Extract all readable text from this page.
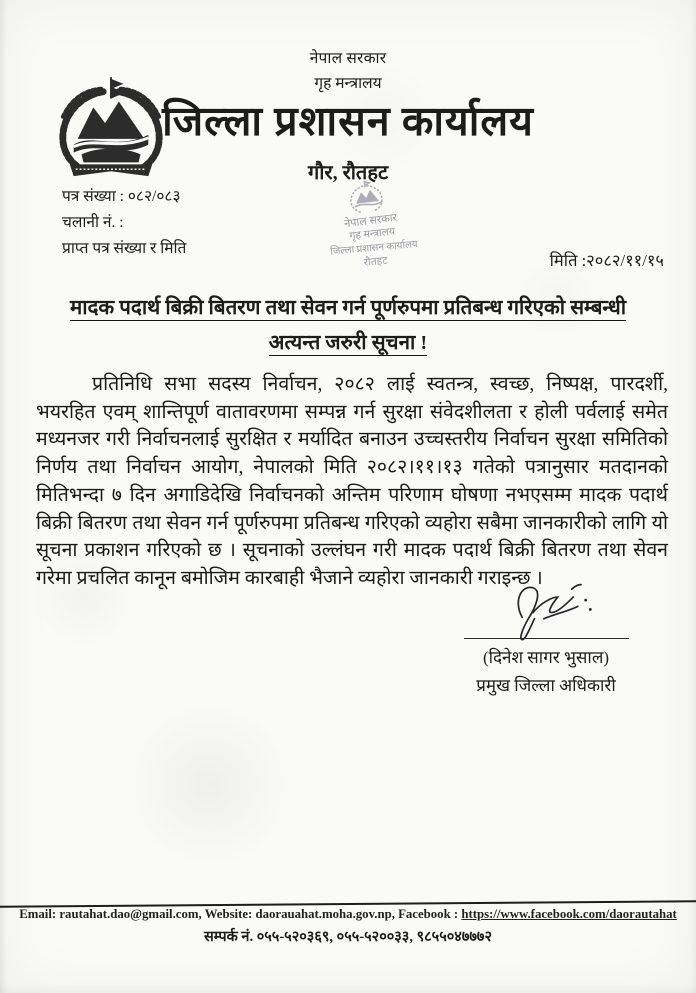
नेपाल सरकार
गृह मन्त्रालय
जिल्ला प्रशासन कार्यालय
गौर, रौतहट
पत्र संख्या : ०८२/०८३
चलानी नं. :
प्राप्त पत्र संख्या र मिति
नेपाल सरकार
गृह मन्त्रालय
जिल्ला प्रशासन कार्यालय
रौतहट	मिति :२०८२/११/१५
मादक पदार्थ बिक्री बितरण तथा सेवन गर्न पूर्णरुपमा प्रतिबन्ध गरिएको सम्बन्धी
अत्यन्त जरुरी सूचना !
प्रतिनिधि सभा सदस्य निर्वाचन, २०८२ लाई स्वतन्त्र, स्वच्छ, निष्पक्ष, पारदर्शी, भयरहित एवम् शान्तिपूर्ण वातावरणमा सम्पन्न गर्न सुरक्षा संवेदशीलता र होली पर्वलाई समेत मध्यनजर गरी निर्वाचनलाई सुरक्षित र मर्यादित बनाउन उच्चस्तरीय निर्वाचन सुरक्षा समितिको निर्णय तथा निर्वाचन आयोग, नेपालको मिति २०८२।११।१३ गतेको पत्रानुसार मतदानको मितिभन्दा ७ दिन अगाडिदेखि निर्वाचनको अन्तिम परिणाम घोषणा नभएसम्म मादक पदार्थ बिक्री बितरण तथा सेवन गर्न पूर्णरुपमा प्रतिबन्ध गरिएको व्यहोरा सबैमा जानकारीको लागि यो सूचना प्रकाशन गरिएको छ । सूचनाको उल्लंघन गरी मादक पदार्थ बिक्री बितरण तथा सेवन गरेमा प्रचलित कानून बमोजिम कारबाही भैजाने व्यहोरा जानकारी गराइन्छ ।
(दिनेश सागर भुसाल)
प्रमुख जिल्ला अधिकारी
Email: rautahat.dao@gmail.com, Website: daorauahat.moha.gov.np, Facebook : https://www.facebook.com/daorautahat
सम्पर्क नं. ०५५-५२०३६९, ०५५-५२००३३, ९८५५०४७७७२
